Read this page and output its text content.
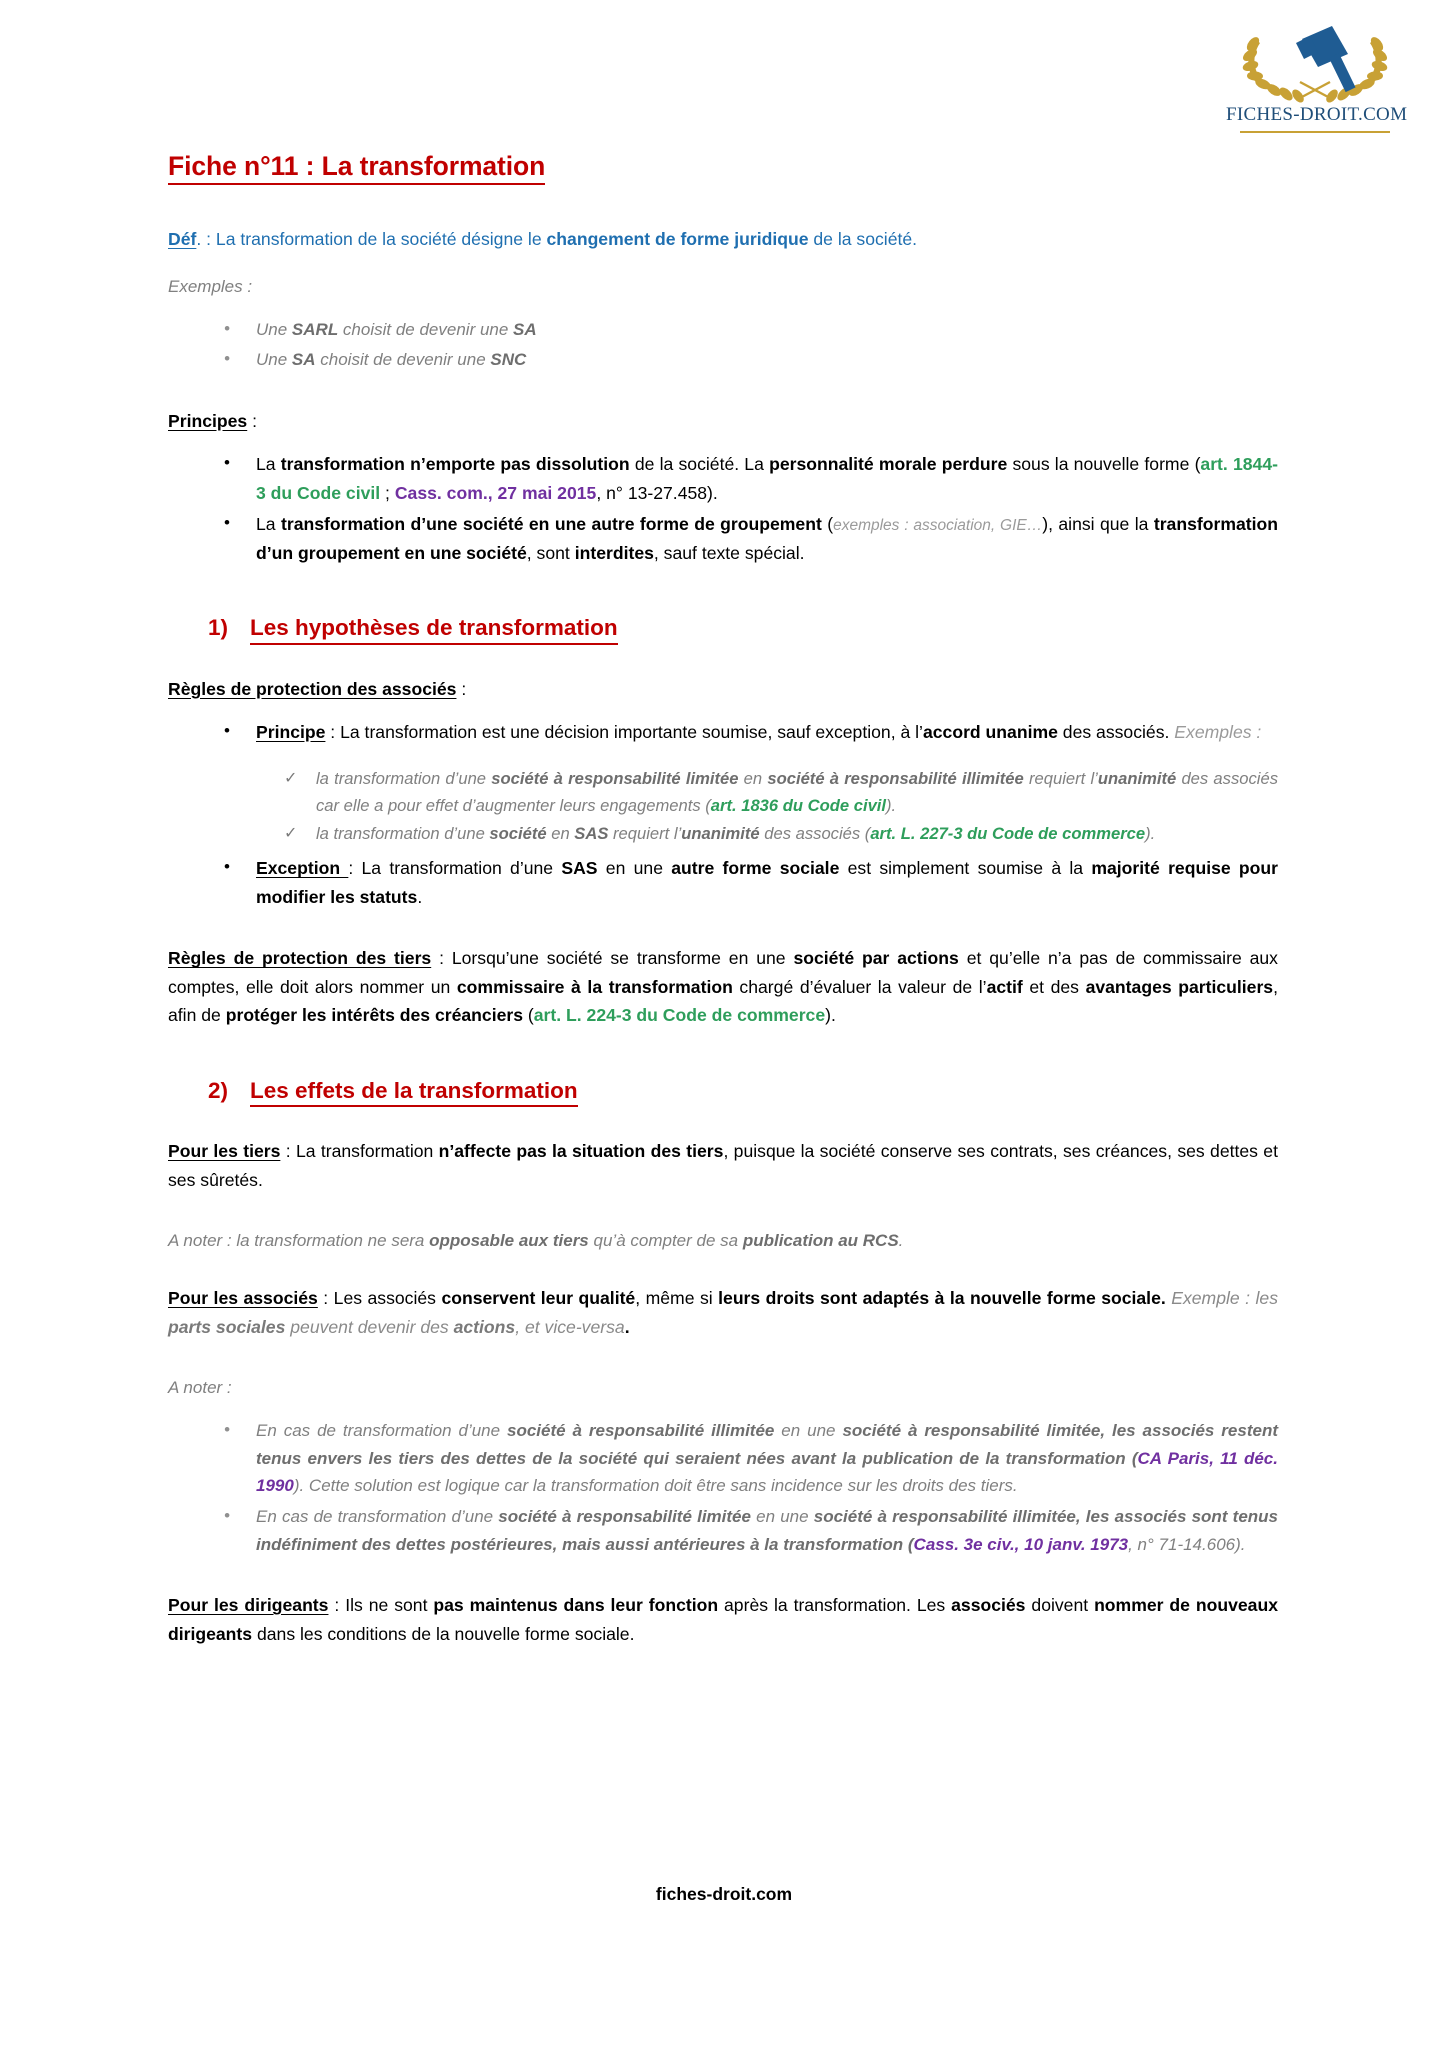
FICHES-DROIT.COM
Fiche n°11 : La transformation

Déf. : La transformation de la société désigne le changement de forme juridique de la société.

Exemples :

• Une SARL choisit de devenir une SA
• Une SA choisit de devenir une SNC

Principes :

• La transformation n’emporte pas dissolution de la société. La personnalité morale perdure sous la nouvelle forme (art. 1844-3 du Code civil ; Cass. com., 27 mai 2015, n° 13-27.458).
• La transformation d’une société en une autre forme de groupement (exemples : association, GIE…), ainsi que la transformation d’un groupement en une société, sont interdites, sauf texte spécial.
1) Les hypothèses de transformation

Règles de protection des associés :

• Principe : La transformation est une décision importante soumise, sauf exception, à l’accord unanime des associés. Exemples :
✓ la transformation d’une société à responsabilité limitée en société à responsabilité illimitée requiert l’unanimité des associés car elle a pour effet d’augmenter leurs engagements (art. 1836 du Code civil).
✓ la transformation d’une société en SAS requiert l’unanimité des associés (art. L. 227-3 du Code de commerce).
• Exception : La transformation d’une SAS en une autre forme sociale est simplement soumise à la majorité requise pour modifier les statuts.

Règles de protection des tiers : Lorsqu’une société se transforme en une société par actions et qu’elle n’a pas de commissaire aux comptes, elle doit alors nommer un commissaire à la transformation chargé d’évaluer la valeur de l’actif et des avantages particuliers, afin de protéger les intérêts des créanciers (art. L. 224-3 du Code de commerce).

2) Les effets de la transformation

Pour les tiers : La transformation n’affecte pas la situation des tiers, puisque la société conserve ses contrats, ses créances, ses dettes et ses sûretés.

A noter : la transformation ne sera opposable aux tiers qu’à compter de sa publication au RCS.

Pour les associés : Les associés conservent leur qualité, même si leurs droits sont adaptés à la nouvelle forme sociale. Exemple : les parts sociales peuvent devenir des actions, et vice-versa.

A noter :

• En cas de transformation d’une société à responsabilité illimitée en une société à responsabilité limitée, les associés restent tenus envers les tiers des dettes de la société qui seraient nées avant la publication de la transformation (CA Paris, 11 déc. 1990). Cette solution est logique car la transformation doit être sans incidence sur les droits des tiers.
• En cas de transformation d’une société à responsabilité limitée en une société à responsabilité illimitée, les associés sont tenus indéfiniment des dettes postérieures, mais aussi antérieures à la transformation (Cass. 3e civ., 10 janv. 1973, n° 71-14.606).

Pour les dirigeants : Ils ne sont pas maintenus dans leur fonction après la transformation. Les associés doivent nommer de nouveaux dirigeants dans les conditions de la nouvelle forme sociale.

fiches-droit.com
